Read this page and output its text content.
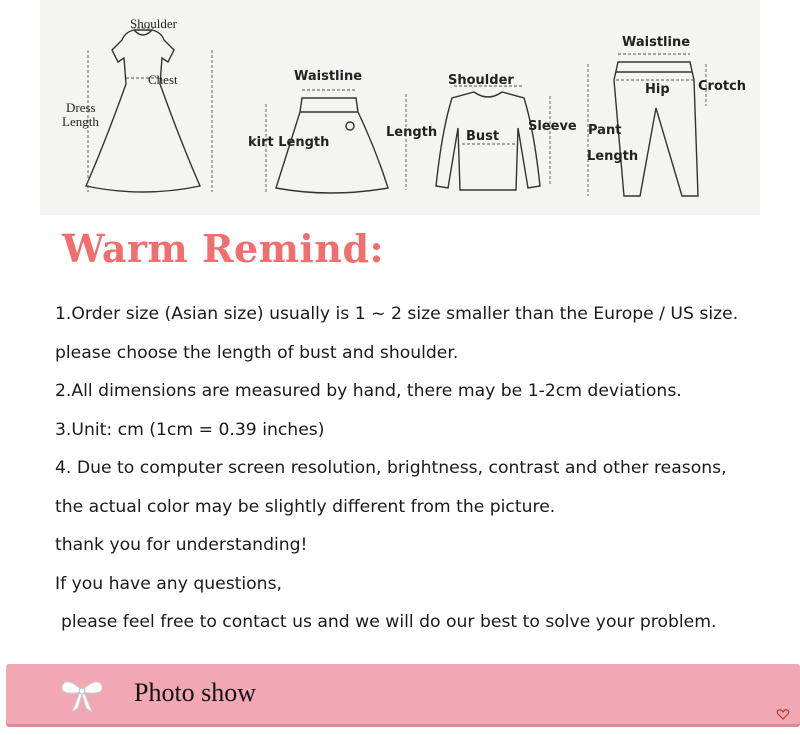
Shoulder
Chest
Dress
Length
Waistline
kirt Length
Shoulder
Length Bust
Sleeve
Waistline
Hip Crotch
Pant
Length
Warm Remind:
1.Order size (Asian size) usually is 1 ~ 2 size smaller than the Europe / US size.
please choose the length of bust and shoulder.
2.All dimensions are measured by hand, there may be 1-2cm deviations.
3.Unit: cm (1cm = 0.39 inches)
4. Due to computer screen resolution, brightness, contrast and other reasons,
the actual color may be slightly different from the picture.
thank you for understanding!
If you have any questions,
please feel free to contact us and we will do our best to solve your problem.
Photo show
